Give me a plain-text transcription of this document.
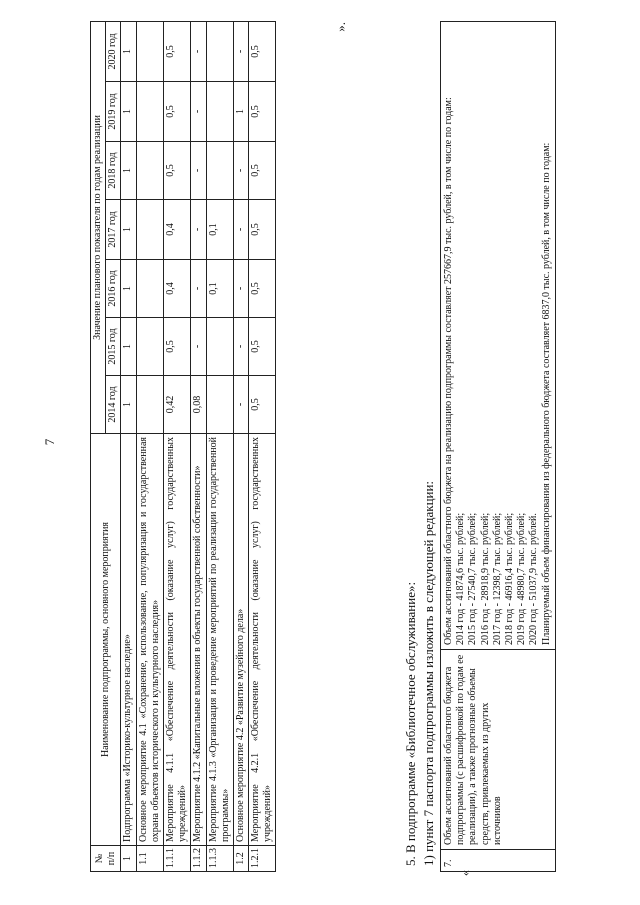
7
№ п/п	Наименование подпрограммы, основного мероприятия	Значение планового показателя по годам реализации						
		2014 год	2015 год	2016 год	2017 год	2018 год	2019 год	2020 год
1	Подпрограмма «Историко-культурное наследие»	1	1	1	1	1	1	1
1.1	Основное мероприятие 4.1 «Сохранение, использование, популяризация и государственная охрана объектов исторического и культурного наследия»							
1.1.1	Мероприятие 4.1.1 «Обеспечение деятельности (оказание услуг) государственных учреждений»	0,42	0,5	0,4	0,4	0,5	0,5	0,5
1.1.2	Мероприятие 4.1.2 «Капитальные вложения в объекты государственной собственности»	0,08	-	-	-	-	-	-
1.1.3	Мероприятие 4.1.3 «Организация и проведение мероприятий по реализации государственной программы»			0,1	0,1			
1.2	Основное мероприятие 4.2 «Развитие музейного дела»	-	-	-	-	-	1	-
1.2.1	Мероприятие 4.2.1 «Обеспечение деятельности (оказание услуг) государственных учреждений»	0,5	0,5	0,5	0,5	0,5	0,5	0,5
».
5. В подпрограмме «Библиотечное обслуживание»: 1) пункт 7 паспорта подпрограммы изложить в следующей редакции:
«
7.	Объем ассигнований областного бюджета подпрограммы (с расшифровкой по годам ее реализации), а также прогнозные объемы средств, привлекаемых из других источников	
Объем ассигнований областного бюджета на реализацию подпрограммы составляет 257667,9 тыс. рублей, в том числе по годам: 2014 год - 41874,6 тыс. рублей; 2015 год - 27540,7 тыс. рублей; 2016 год - 28918,9 тыс. рублей; 2017 год - 12398,7 тыс. рублей; 2018 год - 46916,4 тыс. рублей; 2019 год - 48980,7 тыс. рублей; 2020 год - 51037,9 тыс. рублей. Планируемый объем финансирования из федерального бюджета составляет 6837,0 тыс. рублей, в том числе по годам:
